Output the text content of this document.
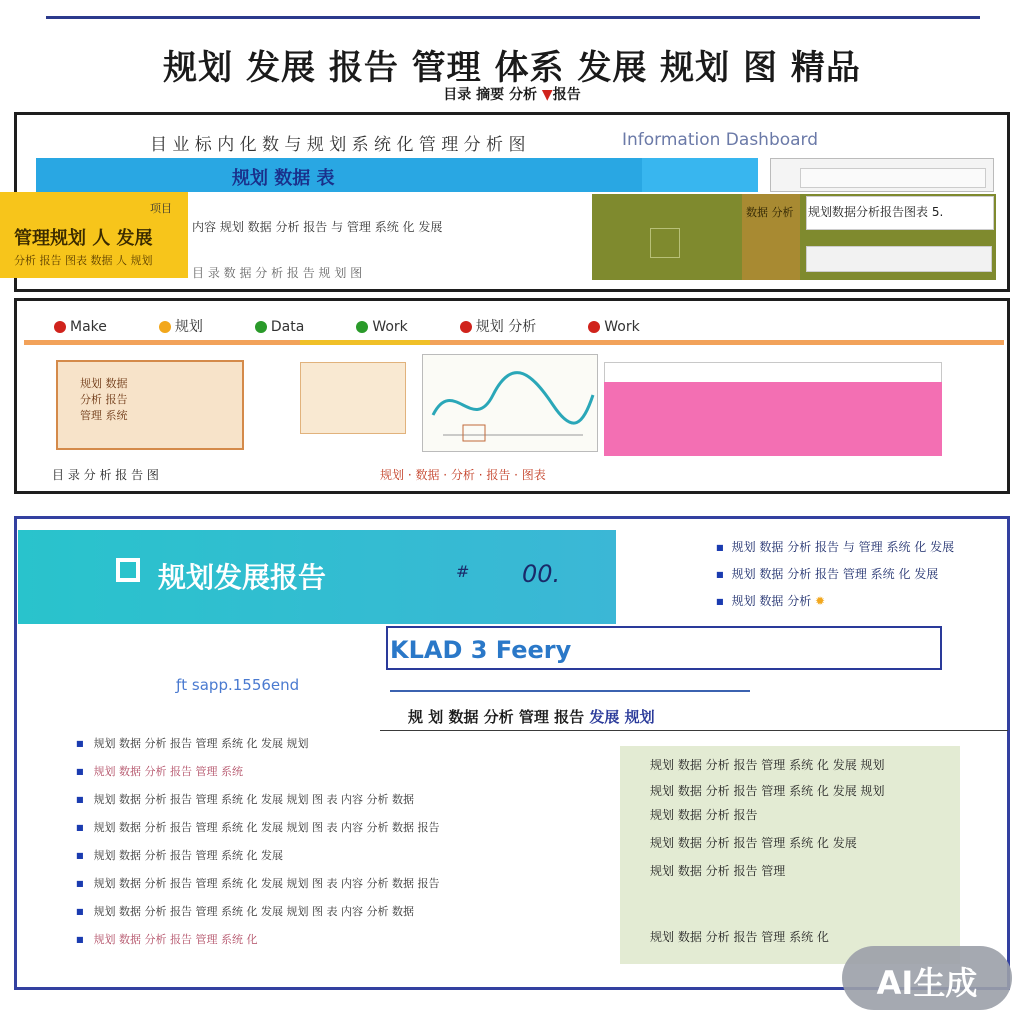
规划 发展 报告 管理 体系 发展 规划 图 精品
目录 摘要 分析 ▼报告
目 业 标 内 化 数 与 规 划 系 统 化 管 理 分 析 图	Information Dashboard
规划 数据 表
项目
管理规划 人 发展
分析 报告 图表 数据 人 规划
内容 规划 数据 分析 报告 与 管理 系统 化 发展
目 录 数 据 分 析 报 告 规 划 图
数据 分析 规划数据分析报告图表 5.
Make	规划	Data	Work	规划 分析	Work
规划 数据
分析 报告
管理 系统
目 录 分 析 报 告 图	规划 · 数据 · 分析 · 报告 · 图表
规划发展报告	# 00.
■ 规划 数据 分析 报告 与 管理 系统 化 发展
■ 规划 数据 分析 报告 管理 系统 化 发展
■ 规划 数据 分析 ✹
KLAD 3 Feery
ƒt sapp.1556end
规 划 数据 分析 管理 报告 发展 规划
■ 规划 数据 分析 报告 管理 系统 化 发展 规划
■ 规划 数据 分析 报告 管理 系统
■ 规划 数据 分析 报告 管理 系统 化 发展 规划 图 表 内容 分析 数据
■ 规划 数据 分析 报告 管理 系统 化 发展 规划 图 表 内容 分析 数据 报告
■ 规划 数据 分析 报告 管理 系统 化 发展
■ 规划 数据 分析 报告 管理 系统 化 发展 规划 图 表 内容 分析 数据 报告
■ 规划 数据 分析 报告 管理 系统 化 发展 规划 图 表 内容 分析 数据
■ 规划 数据 分析 报告 管理 系统 化
规划 数据 分析 报告 管理 系统 化 发展 规划
规划 数据 分析 报告 管理 系统 化 发展 规划
规划 数据 分析 报告
规划 数据 分析 报告 管理 系统 化 发展
规划 数据 分析 报告 管理
规划 数据 分析 报告 管理 系统 化
AI生成
